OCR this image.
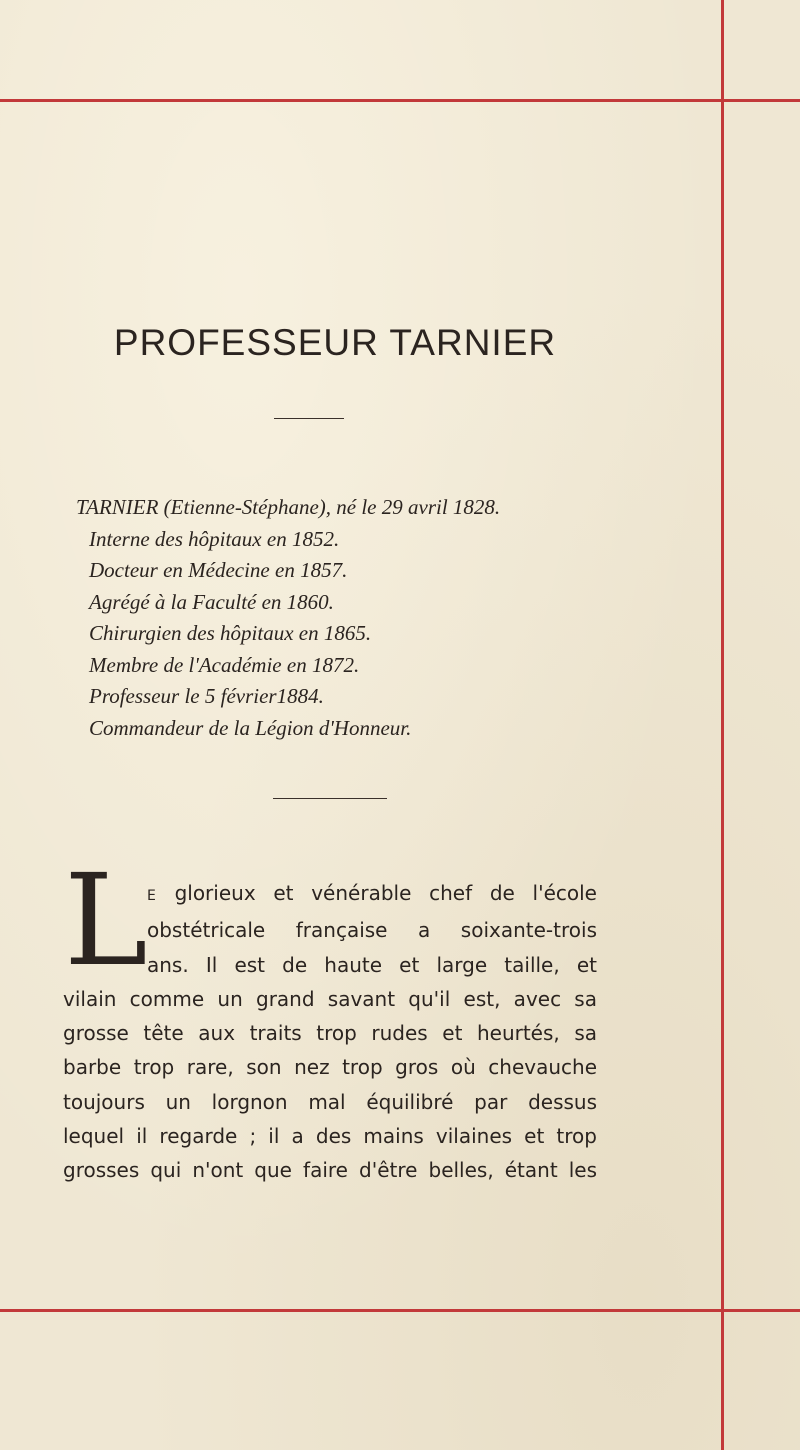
PROFESSEUR TARNIER
TARNIER (Etienne-Stéphane), né le 29 avril 1828.
Interne des hôpitaux en 1852.
Docteur en Médecine en 1857.
Agrégé à la Faculté en 1860.
Chirurgien des hôpitaux en 1865.
Membre de l'Académie en 1872.
Professeur le 5 février1884.
Commandeur de la Légion d'Honneur.
L E glorieux et vénérable chef de l'école
obstétricale française a soixante-trois
ans. Il est de haute et large taille, et
vilain comme un grand savant qu'il est, avec sa
grosse tête aux traits trop rudes et heurtés, sa
barbe trop rare, son nez trop gros où chevauche
toujours un lorgnon mal équilibré par dessus
lequel il regarde ; il a des mains vilaines et trop
grosses qui n'ont que faire d'être belles, étant les
